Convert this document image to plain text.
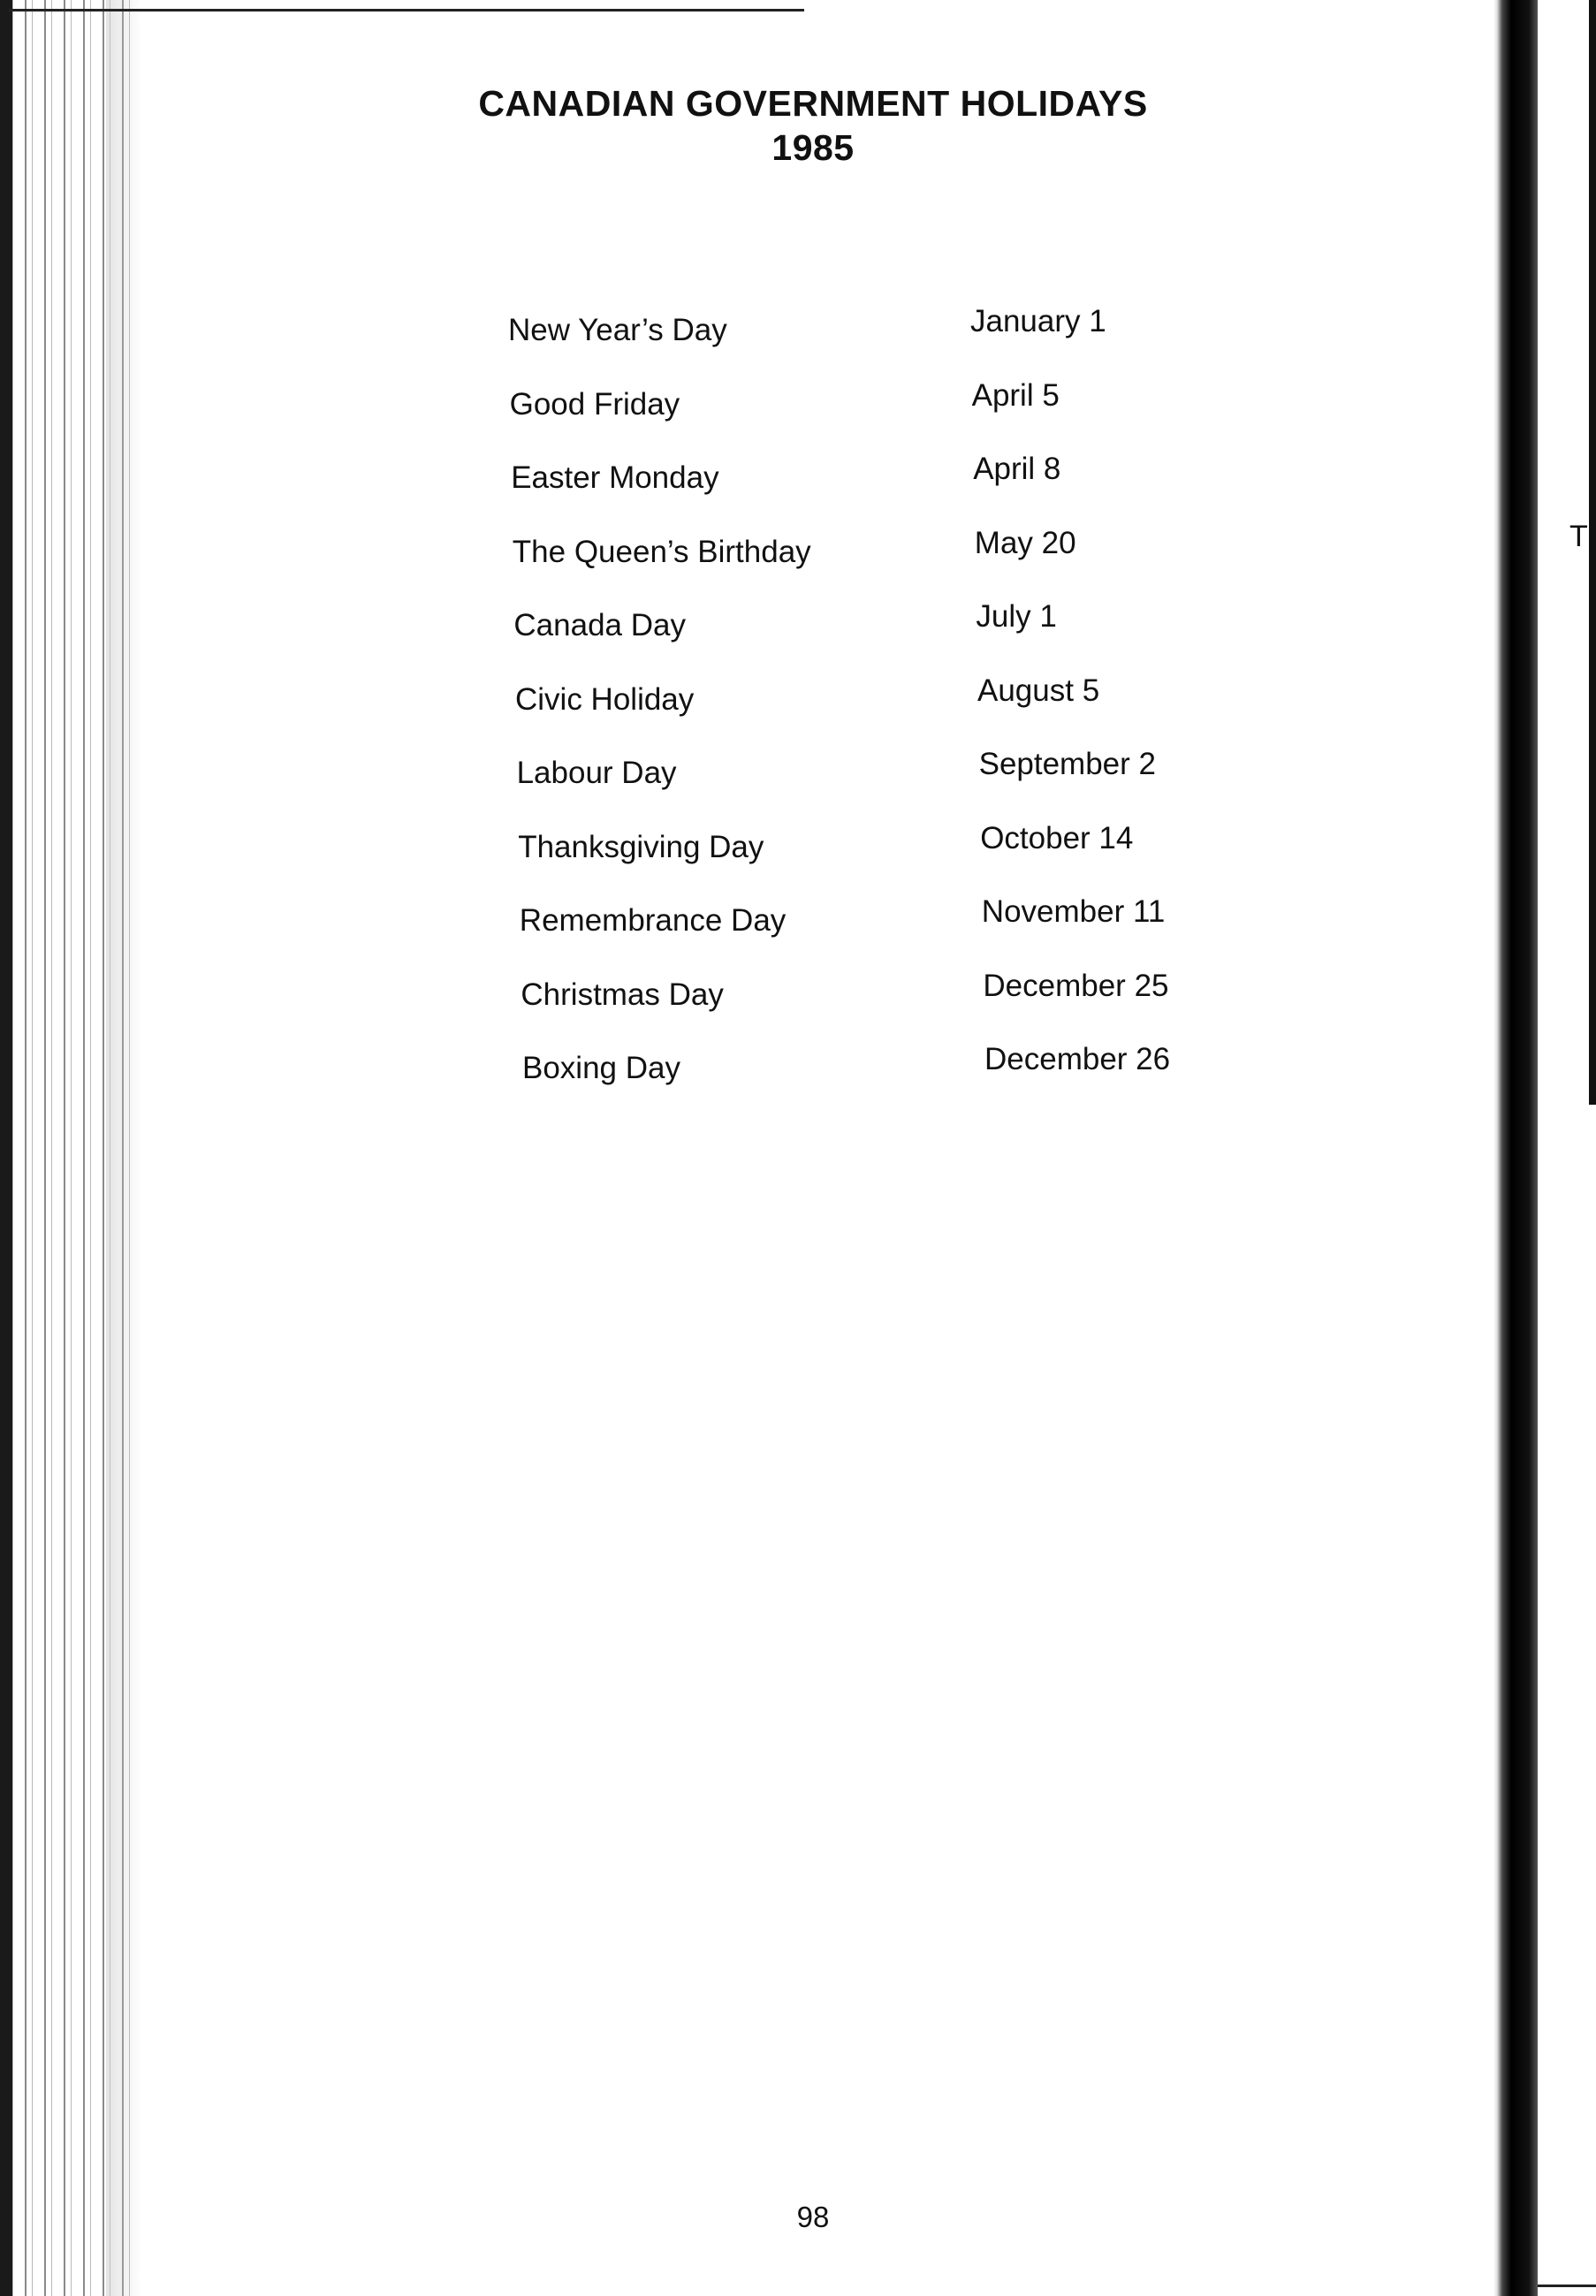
CANADIAN GOVERNMENT HOLIDAYS
1985
New Year’s Day	January 1
Good Friday	April 5
Easter Monday	April 8
The Queen’s Birthday	May 20
Canada Day	July 1
Civic Holiday	August 5
Labour Day	September 2
Thanksgiving Day	October 14
Remembrance Day	November 11
Christmas Day	December 25
Boxing Day	December 26
98
Tl
